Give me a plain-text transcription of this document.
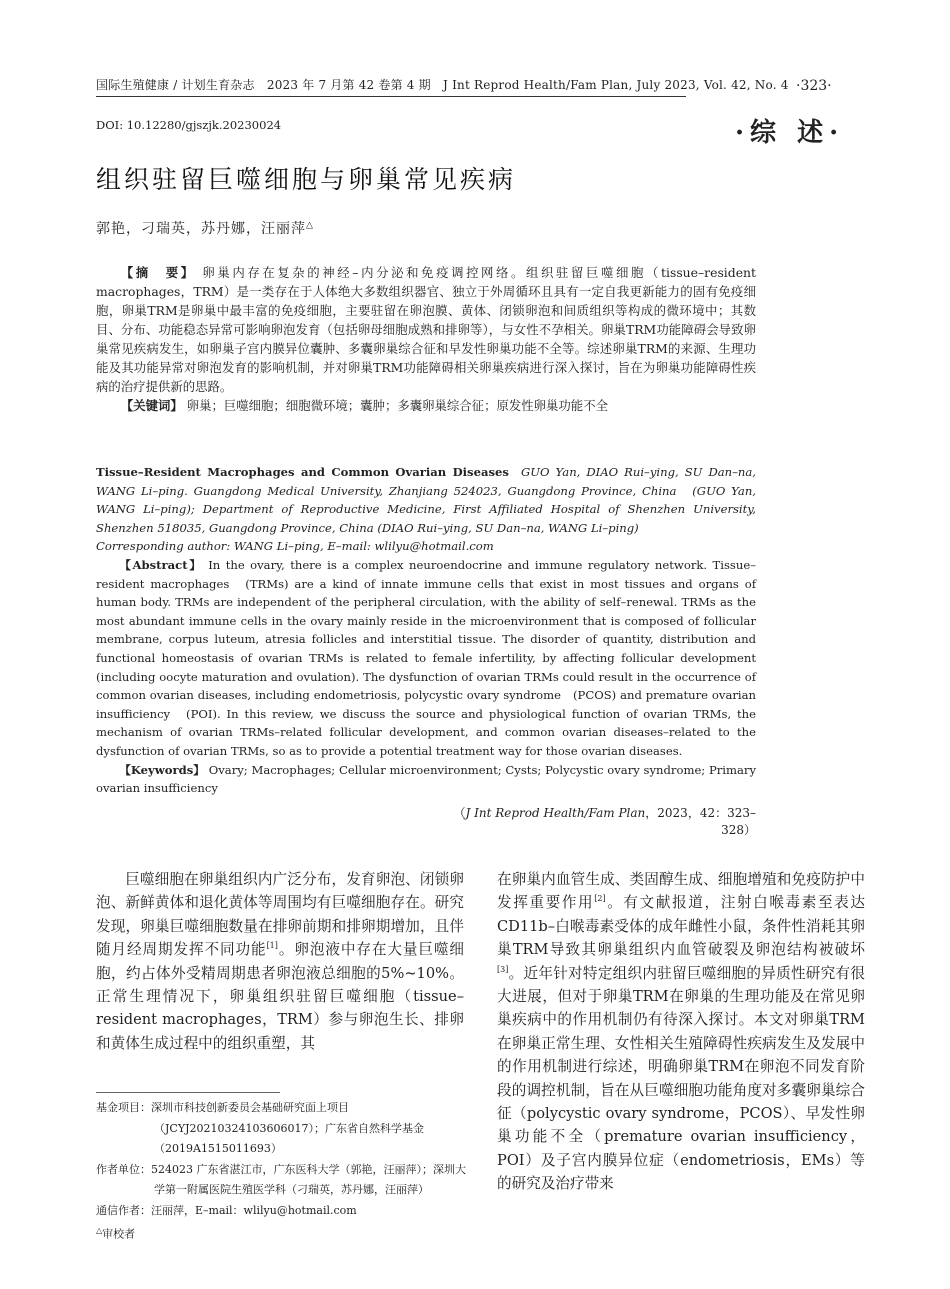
国际生殖健康 / 计划生育杂志　2023 年 7 月第 42 卷第 4 期　J Int Reprod Health/Fam Plan, July 2023, Vol. 42, No. 4 ·323·
DOI: 10.12280/gjszjk.20230024	·综 述·
组织驻留巨噬细胞与卵巢常见疾病
郭艳，刁瑞英，苏丹娜，汪丽萍△

【摘　要】 卵巢内存在复杂的神经–内分泌和免疫调控网络。组织驻留巨噬细胞（tissue–resident macrophages，TRM）是一类存在于人体绝大多数组织器官、独立于外周循环且具有一定自我更新能力的固有免疫细胞，卵巢TRM是卵巢中最丰富的免疫细胞，主要驻留在卵泡膜、黄体、闭锁卵泡和间质组织等构成的微环境中；其数目、分布、功能稳态异常可影响卵泡发育（包括卵母细胞成熟和排卵等），与女性不孕相关。卵巢TRM功能障碍会导致卵巢常见疾病发生，如卵巢子宫内膜异位囊肿、多囊卵巢综合征和早发性卵巢功能不全等。综述卵巢TRM的来源、生理功能及其功能异常对卵泡发育的影响机制，并对卵巢TRM功能障碍相关卵巢疾病进行深入探讨，旨在为卵巢功能障碍性疾病的治疗提供新的思路。

【关键词】 卵巢；巨噬细胞；细胞微环境；囊肿；多囊卵巢综合征；原发性卵巢功能不全

Tissue–Resident Macrophages and Common Ovarian Diseases GUO Yan, DIAO Rui–ying, SU Dan–na, WANG Li–ping. Guangdong Medical University, Zhanjiang 524023, Guangdong Province, China　(GUO Yan, WANG Li–ping); Department of Reproductive Medicine, First Affiliated Hospital of Shenzhen University, Shenzhen 518035, Guangdong Province, China (DIAO Rui–ying, SU Dan–na, WANG Li–ping)

Corresponding author: WANG Li–ping, E–mail: wlilyu@hotmail.com

【Abstract】 In the ovary, there is a complex neuroendocrine and immune regulatory network. Tissue–resident macrophages　(TRMs) are a kind of innate immune cells that exist in most tissues and organs of human body. TRMs are independent of the peripheral circulation, with the ability of self–renewal. TRMs as the most abundant immune cells in the ovary mainly reside in the microenvironment that is composed of follicular membrane, corpus luteum, atresia follicles and interstitial tissue. The disorder of quantity, distribution and functional homeostasis of ovarian TRMs is related to female infertility, by affecting follicular development (including oocyte maturation and ovulation). The dysfunction of ovarian TRMs could result in the occurrence of common ovarian diseases, including endometriosis, polycystic ovary syndrome　(PCOS) and premature ovarian insufficiency　(POI). In this review, we discuss the source and physiological function of ovarian TRMs, the mechanism of ovarian TRMs–related follicular development, and common ovarian diseases–related to the dysfunction of ovarian TRMs, so as to provide a potential treatment way for those ovarian diseases.

【Keywords】 Ovary; Macrophages; Cellular microenvironment; Cysts; Polycystic ovary syndrome; Primary ovarian insufficiency

（J Int Reprod Health/Fam Plan，2023，42：323–328）

巨噬细胞在卵巢组织内广泛分布，发育卵泡、闭锁卵泡、新鲜黄体和退化黄体等周围均有巨噬细胞存在。研究发现，卵巢巨噬细胞数量在排卵前期和排卵期增加，且伴随月经周期发挥不同功能[1]。卵泡液中存在大量巨噬细胞，约占体外受精周期患者卵泡液总细胞的5%~10%。正常生理情况下，卵巢组织驻留巨噬细胞（tissue–resident macrophages，TRM）参与卵泡生长、排卵和黄体生成过程中的组织重塑，其

在卵巢内血管生成、类固醇生成、细胞增殖和免疫防护中发挥重要作用[2]。有文献报道，注射白喉毒素至表达CD11b–白喉毒素受体的成年雌性小鼠，条件性消耗其卵巢TRM导致其卵巢组织内血管破裂及卵泡结构被破坏[3]。近年针对特定组织内驻留巨噬细胞的异质性研究有很大进展，但对于卵巢TRM在卵巢的生理功能及在常见卵巢疾病中的作用机制仍有待深入探讨。本文对卵巢TRM在卵巢正常生理、女性相关生殖障碍性疾病发生及发展中的作用机制进行综述，明确卵巢TRM在卵泡不同发育阶段的调控机制，旨在从巨噬细胞功能角度对多囊卵巢综合征（polycystic ovary syndrome，PCOS）、早发性卵巢功能不全（premature ovarian insufficiency，POI）及子宫内膜异位症（endometriosis，EMs）等的研究及治疗带来

基金项目：深圳市科技创新委员会基础研究面上项目（JCYJ20210324103606017）；广东省自然科学基金（2019A1515011693）

作者单位：524023 广东省湛江市，广东医科大学（郭艳，汪丽萍）；深圳大学第一附属医院生殖医学科（刁瑞英，苏丹娜，汪丽萍）

通信作者：汪丽萍，E–mail：wlilyu@hotmail.com

△审校者
